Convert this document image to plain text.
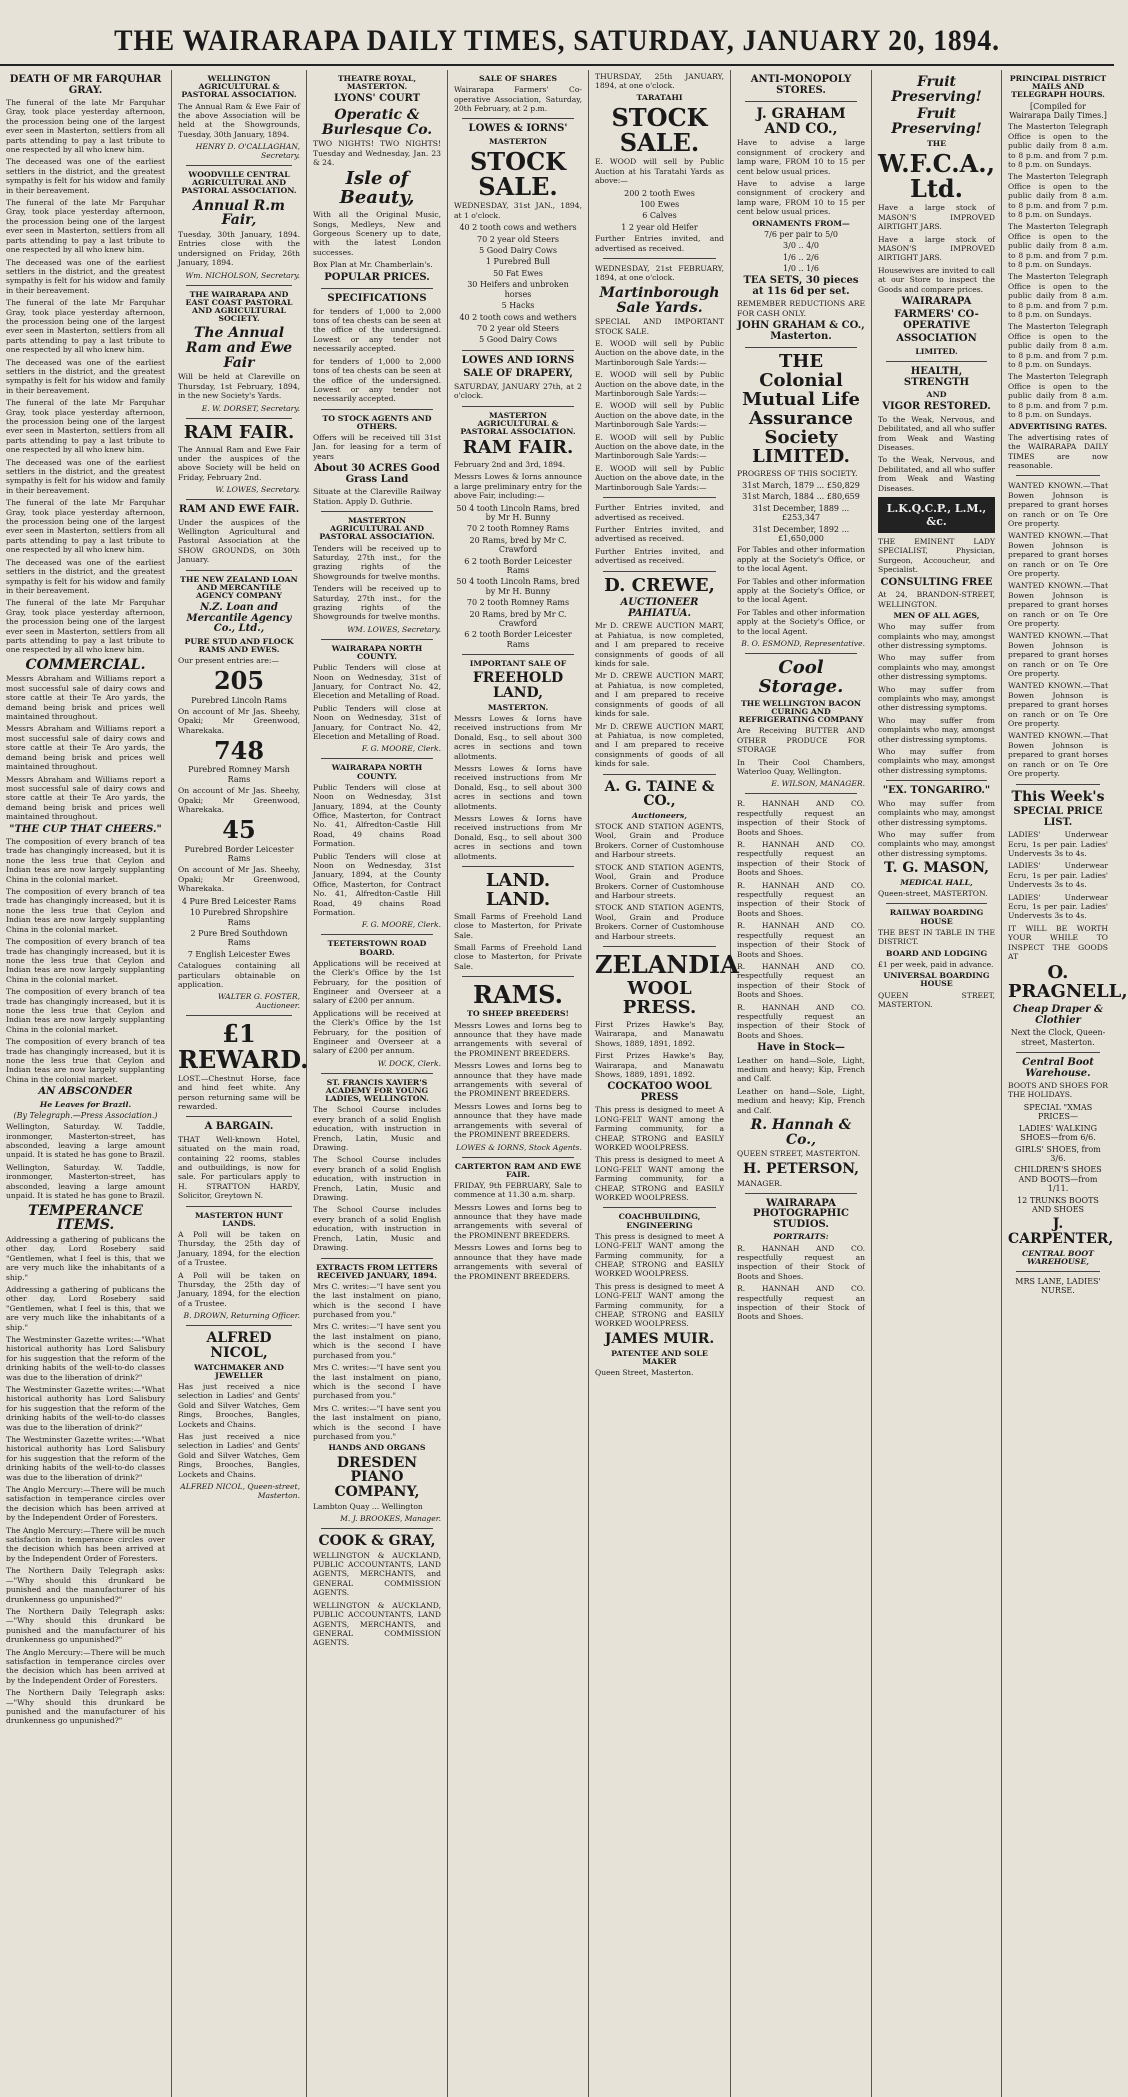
THE WAIRARAPA DAILY TIMES, SATURDAY, JANUARY 20, 1894.
DEATH OF MR FARQUHAR GRAY.

The funeral of the late Mr Farquhar Gray, took place yesterday afternoon, the procession being one of the largest ever seen in Masterton, settlers from all parts attending to pay a last tribute to one respected by all who knew him.

The deceased was one of the earliest settlers in the district, and the greatest sympathy is felt for his widow and family in their bereavement.

The funeral of the late Mr Farquhar Gray, took place yesterday afternoon, the procession being one of the largest ever seen in Masterton, settlers from all parts attending to pay a last tribute to one respected by all who knew him.

The deceased was one of the earliest settlers in the district, and the greatest sympathy is felt for his widow and family in their bereavement.

The funeral of the late Mr Farquhar Gray, took place yesterday afternoon, the procession being one of the largest ever seen in Masterton, settlers from all parts attending to pay a last tribute to one respected by all who knew him.

The deceased was one of the earliest settlers in the district, and the greatest sympathy is felt for his widow and family in their bereavement.

The funeral of the late Mr Farquhar Gray, took place yesterday afternoon, the procession being one of the largest ever seen in Masterton, settlers from all parts attending to pay a last tribute to one respected by all who knew him.

The deceased was one of the earliest settlers in the district, and the greatest sympathy is felt for his widow and family in their bereavement.

The funeral of the late Mr Farquhar Gray, took place yesterday afternoon, the procession being one of the largest ever seen in Masterton, settlers from all parts attending to pay a last tribute to one respected by all who knew him.

The deceased was one of the earliest settlers in the district, and the greatest sympathy is felt for his widow and family in their bereavement.

The funeral of the late Mr Farquhar Gray, took place yesterday afternoon, the procession being one of the largest ever seen in Masterton, settlers from all parts attending to pay a last tribute to one respected by all who knew him.

COMMERCIAL.

Messrs Abraham and Williams report a most successful sale of dairy cows and store cattle at their Te Aro yards, the demand being brisk and prices well maintained throughout.

Messrs Abraham and Williams report a most successful sale of dairy cows and store cattle at their Te Aro yards, the demand being brisk and prices well maintained throughout.

Messrs Abraham and Williams report a most successful sale of dairy cows and store cattle at their Te Aro yards, the demand being brisk and prices well maintained throughout.

"THE CUP THAT CHEERS."

The composition of every branch of tea trade has changingly increased, but it is none the less true that Ceylon and Indian teas are now largely supplanting China in the colonial market.

The composition of every branch of tea trade has changingly increased, but it is none the less true that Ceylon and Indian teas are now largely supplanting China in the colonial market.

The composition of every branch of tea trade has changingly increased, but it is none the less true that Ceylon and Indian teas are now largely supplanting China in the colonial market.

The composition of every branch of tea trade has changingly increased, but it is none the less true that Ceylon and Indian teas are now largely supplanting China in the colonial market.

The composition of every branch of tea trade has changingly increased, but it is none the less true that Ceylon and Indian teas are now largely supplanting China in the colonial market.

AN ABSCONDER
He Leaves for Brazil.
(By Telegraph.—Press Association.)

Wellington, Saturday. W. Taddle, ironmonger, Masterton-street, has absconded, leaving a large amount unpaid. It is stated he has gone to Brazil.

Wellington, Saturday. W. Taddle, ironmonger, Masterton-street, has absconded, leaving a large amount unpaid. It is stated he has gone to Brazil.

TEMPERANCE ITEMS.

Addressing a gathering of publicans the other day, Lord Rosebery said "Gentlemen, what I feel is this, that we are very much like the inhabitants of a ship."

Addressing a gathering of publicans the other day, Lord Rosebery said "Gentlemen, what I feel is this, that we are very much like the inhabitants of a ship."

The Westminster Gazette writes:—"What historical authority has Lord Salisbury for his suggestion that the reform of the drinking habits of the well-to-do classes was due to the liberation of drink?"

The Westminster Gazette writes:—"What historical authority has Lord Salisbury for his suggestion that the reform of the drinking habits of the well-to-do classes was due to the liberation of drink?"

The Westminster Gazette writes:—"What historical authority has Lord Salisbury for his suggestion that the reform of the drinking habits of the well-to-do classes was due to the liberation of drink?"

The Anglo Mercury:—There will be much satisfaction in temperance circles over the decision which has been arrived at by the Independent Order of Foresters.

The Anglo Mercury:—There will be much satisfaction in temperance circles over the decision which has been arrived at by the Independent Order of Foresters.

The Northern Daily Telegraph asks:—"Why should this drunkard be punished and the manufacturer of his drunkenness go unpunished?"

The Northern Daily Telegraph asks:—"Why should this drunkard be punished and the manufacturer of his drunkenness go unpunished?"

The Anglo Mercury:—There will be much satisfaction in temperance circles over the decision which has been arrived at by the Independent Order of Foresters.

The Northern Daily Telegraph asks:—"Why should this drunkard be punished and the manufacturer of his drunkenness go unpunished?"

WELLINGTON AGRICULTURAL & PASTORAL ASSOCIATION.

The Annual Ram & Ewe Fair of the above Association will be held at the Showgrounds, Tuesday, 30th January, 1894.

HENRY D. O'CALLAGHAN, Secretary.
WOODVILLE CENTRAL AGRICULTURAL AND PASTORAL ASSOCIATION.
Annual R.m Fair,

Tuesday, 30th January, 1894. Entries close with the undersigned on Friday, 26th January, 1894.

Wm. NICHOLSON, Secretary.
THE WAIRARAPA AND EAST COAST PASTORAL AND AGRICULTURAL SOCIETY.
The Annual Ram and Ewe Fair

Will be held at Clareville on Thursday, 1st February, 1894, in the new Society's Yards.

E. W. DORSET, Secretary.
RAM FAIR.

The Annual Ram and Ewe Fair under the auspices of the above Society will be held on Friday, February 2nd.

W. LOWES, Secretary.
RAM AND EWE FAIR.

Under the auspices of the Wellington Agricultural and Pastoral Association at the SHOW GROUNDS, on 30th January.

THE NEW ZEALAND LOAN AND MERCANTILE AGENCY COMPANY
N.Z. Loan and Mercantile Agency Co., Ltd.,
PURE STUD AND FLOCK RAMS AND EWES.

Our present entries are:—

205
Purebred Lincoln Rams

On account of Mr Jas. Sheehy, Opaki; Mr Greenwood, Wharekaka.

748
Purebred Romney Marsh Rams

On account of Mr Jas. Sheehy, Opaki; Mr Greenwood, Wharekaka.

45
Purebred Border Leicester Rams

On account of Mr Jas. Sheehy, Opaki; Mr Greenwood, Wharekaka.

4 Pure Bred Leicester Rams
10 Purebred Shropshire Rams
2 Pure Bred Southdown Rams
7 English Leicester Ewes

Catalogues containing all particulars obtainable on application.

WALTER G. FOSTER, Auctioneer.
£1 REWARD.

LOST.—Chestnut Horse, face and hind feet white. Any person returning same will be rewarded.

A BARGAIN.

THAT Well-known Hotel, situated on the main road, containing 22 rooms, stables and outbuildings, is now for sale. For particulars apply to H. STRATTON HARDY, Solicitor, Greytown N.

MASTERTON HUNT LANDS.

A Poll will be taken on Thursday, the 25th day of January, 1894, for the election of a Trustee.

A Poll will be taken on Thursday, the 25th day of January, 1894, for the election of a Trustee.

B. DROWN, Returning Officer.
ALFRED NICOL,
WATCHMAKER AND JEWELLER

Has just received a nice selection in Ladies' and Gents' Gold and Silver Watches, Gem Rings, Brooches, Bangles, Lockets and Chains.

Has just received a nice selection in Ladies' and Gents' Gold and Silver Watches, Gem Rings, Brooches, Bangles, Lockets and Chains.

ALFRED NICOL, Queen-street, Masterton.
THEATRE ROYAL, MASTERTON.
LYONS' COURT
Operatic & Burlesque Co.

TWO NIGHTS! TWO NIGHTS! Tuesday and Wednesday, Jan. 23 & 24.

Isle of Beauty,

With all the Original Music, Songs, Medleys, New and Gorgeous Scenery up to date, with the latest London successes.

Box Plan at Mr. Chamberlain's.

POPULAR PRICES.
SPECIFICATIONS

for tenders of 1,000 to 2,000 tons of tea chests can be seen at the office of the undersigned. Lowest or any tender not necessarily accepted.

for tenders of 1,000 to 2,000 tons of tea chests can be seen at the office of the undersigned. Lowest or any tender not necessarily accepted.

TO STOCK AGENTS AND OTHERS.

Offers will be received till 31st Jan. for leasing for a term of years

About 30 ACRES Good Grass Land

Situate at the Clareville Railway Station. Apply D. Guthrie.

MASTERTON AGRICULTURAL AND PASTORAL ASSOCIATION.

Tenders will be received up to Saturday, 27th inst., for the grazing rights of the Showgrounds for twelve months.

Tenders will be received up to Saturday, 27th inst., for the grazing rights of the Showgrounds for twelve months.

WM. LOWES, Secretary.
WAIRARAPA NORTH COUNTY.

Public Tenders will close at Noon on Wednesday, 31st of January, for Contract No. 42, Elecetion and Metalling of Road.

Public Tenders will close at Noon on Wednesday, 31st of January, for Contract No. 42, Elecetion and Metalling of Road.

F. G. MOORE, Clerk.
WAIRARAPA NORTH COUNTY.

Public Tenders will close at Noon on Wednesday, 31st January, 1894, at the County Office, Masterton, for Contract No. 41, Alfredton-Castle Hill Road, 49 chains Road Formation.

Public Tenders will close at Noon on Wednesday, 31st January, 1894, at the County Office, Masterton, for Contract No. 41, Alfredton-Castle Hill Road, 49 chains Road Formation.

F. G. MOORE, Clerk.
TEETERSTOWN ROAD BOARD.

Applications will be received at the Clerk's Office by the 1st February, for the position of Engineer and Overseer at a salary of £200 per annum.

Applications will be received at the Clerk's Office by the 1st February, for the position of Engineer and Overseer at a salary of £200 per annum.

W. DOCK, Clerk.
ST. FRANCIS XAVIER'S ACADEMY FOR YOUNG LADIES, WELLINGTON.

The School Course includes every branch of a solid English education, with instruction in French, Latin, Music and Drawing.

The School Course includes every branch of a solid English education, with instruction in French, Latin, Music and Drawing.

The School Course includes every branch of a solid English education, with instruction in French, Latin, Music and Drawing.

EXTRACTS FROM LETTERS RECEIVED JANUARY, 1894.

Mrs C. writes:—"I have sent you the last instalment on piano, which is the second I have purchased from you."

Mrs C. writes:—"I have sent you the last instalment on piano, which is the second I have purchased from you."

Mrs C. writes:—"I have sent you the last instalment on piano, which is the second I have purchased from you."

Mrs C. writes:—"I have sent you the last instalment on piano, which is the second I have purchased from you."

HANDS AND ORGANS
DRESDEN PIANO COMPANY,

Lambton Quay ... Wellington

M. J. BROOKES, Manager.
COOK & GRAY,

WELLINGTON & AUCKLAND, PUBLIC ACCOUNTANTS, LAND AGENTS, MERCHANTS, and GENERAL COMMISSION AGENTS.

WELLINGTON & AUCKLAND, PUBLIC ACCOUNTANTS, LAND AGENTS, MERCHANTS, and GENERAL COMMISSION AGENTS.

SALE OF SHARES

Wairarapa Farmers' Co-operative Association, Saturday, 20th February, at 2 p.m.

LOWES & IORNS'
MASTERTON
STOCK SALE.

WEDNESDAY, 31st JAN., 1894, at 1 o'clock.

40 2 tooth cows and wethers
70 2 year old Steers
5 Good Dairy Cows
1 Purebred Bull
50 Fat Ewes
30 Heifers and unbroken horses
5 Hacks
40 2 tooth cows and wethers
70 2 year old Steers
5 Good Dairy Cows
LOWES AND IORNS
SALE OF DRAPERY,

SATURDAY, JANUARY 27th, at 2 o'clock.

MASTERTON AGRICULTURAL & PASTORAL ASSOCIATION.
RAM FAIR.

February 2nd and 3rd, 1894.

Messrs Lowes & Iorns announce a large preliminary entry for the above Fair, including:—

50 4 tooth Lincoln Rams, bred by Mr H. Bunny
70 2 tooth Romney Rams
20 Rams, bred by Mr C. Crawford
6 2 tooth Border Leicester Rams
50 4 tooth Lincoln Rams, bred by Mr H. Bunny
70 2 tooth Romney Rams
20 Rams, bred by Mr C. Crawford
6 2 tooth Border Leicester Rams
IMPORTANT SALE OF
FREEHOLD LAND,
MASTERTON.

Messrs Lowes & Iorns have received instructions from Mr Donald, Esq., to sell about 300 acres in sections and town allotments.

Messrs Lowes & Iorns have received instructions from Mr Donald, Esq., to sell about 300 acres in sections and town allotments.

Messrs Lowes & Iorns have received instructions from Mr Donald, Esq., to sell about 300 acres in sections and town allotments.

LAND. LAND.

Small Farms of Freehold Land close to Masterton, for Private Sale.

Small Farms of Freehold Land close to Masterton, for Private Sale.

RAMS.
TO SHEEP BREEDERS!

Messrs Lowes and Iorns beg to announce that they have made arrangements with several of the PROMINENT BREEDERS.

Messrs Lowes and Iorns beg to announce that they have made arrangements with several of the PROMINENT BREEDERS.

Messrs Lowes and Iorns beg to announce that they have made arrangements with several of the PROMINENT BREEDERS.

LOWES & IORNS, Stock Agents.
CARTERTON RAM AND EWE FAIR.

FRIDAY, 9th FEBRUARY, Sale to commence at 11.30 a.m. sharp.

Messrs Lowes and Iorns beg to announce that they have made arrangements with several of the PROMINENT BREEDERS.

Messrs Lowes and Iorns beg to announce that they have made arrangements with several of the PROMINENT BREEDERS.

THURSDAY, 25th JANUARY, 1894, at one o'clock.

TARATAHI
STOCK SALE.

E. WOOD will sell by Public Auction at his Taratahi Yards as above:—

200 2 tooth Ewes
100 Ewes
6 Calves
1 2 year old Heifer

Further Entries invited, and advertised as received.

WEDNESDAY, 21st FEBRUARY, 1894, at one o'clock.

Martinborough Sale Yards.

SPECIAL AND IMPORTANT STOCK SALE.

E. WOOD will sell by Public Auction on the above date, in the Martinborough Sale Yards:—

E. WOOD will sell by Public Auction on the above date, in the Martinborough Sale Yards:—

E. WOOD will sell by Public Auction on the above date, in the Martinborough Sale Yards:—

E. WOOD will sell by Public Auction on the above date, in the Martinborough Sale Yards:—

E. WOOD will sell by Public Auction on the above date, in the Martinborough Sale Yards:—

Further Entries invited, and advertised as received.

Further Entries invited, and advertised as received.

Further Entries invited, and advertised as received.

D. CREWE,
AUCTIONEER PAHIATUA.

Mr D. CREWE AUCTION MART, at Pahiatua, is now completed, and I am prepared to receive consignments of goods of all kinds for sale.

Mr D. CREWE AUCTION MART, at Pahiatua, is now completed, and I am prepared to receive consignments of goods of all kinds for sale.

Mr D. CREWE AUCTION MART, at Pahiatua, is now completed, and I am prepared to receive consignments of goods of all kinds for sale.

A. G. TAINE & CO.,
Auctioneers,

STOCK AND STATION AGENTS, Wool, Grain and Produce Brokers. Corner of Customhouse and Harbour streets.

STOCK AND STATION AGENTS, Wool, Grain and Produce Brokers. Corner of Customhouse and Harbour streets.

STOCK AND STATION AGENTS, Wool, Grain and Produce Brokers. Corner of Customhouse and Harbour streets.

ZELANDIA
WOOL PRESS.

First Prizes Hawke's Bay, Wairarapa, and Manawatu Shows, 1889, 1891, 1892.

First Prizes Hawke's Bay, Wairarapa, and Manawatu Shows, 1889, 1891, 1892.

COCKATOO WOOL PRESS

This press is designed to meet A LONG-FELT WANT among the Farming community, for a CHEAP, STRONG and EASILY WORKED WOOLPRESS.

This press is designed to meet A LONG-FELT WANT among the Farming community, for a CHEAP, STRONG and EASILY WORKED WOOLPRESS.

COACHBUILDING, ENGINEERING

This press is designed to meet A LONG-FELT WANT among the Farming community, for a CHEAP, STRONG and EASILY WORKED WOOLPRESS.

This press is designed to meet A LONG-FELT WANT among the Farming community, for a CHEAP, STRONG and EASILY WORKED WOOLPRESS.

JAMES MUIR.
PATENTEE AND SOLE MAKER

Queen Street, Masterton.

ANTI-MONOPOLY STORES.
J. GRAHAM AND CO.,

Have to advise a large consignment of crockery and lamp ware, FROM 10 to 15 per cent below usual prices.

Have to advise a large consignment of crockery and lamp ware, FROM 10 to 15 per cent below usual prices.

ORNAMENTS FROM—
7/6 per pair to 5/0
3/0 .. 4/0
1/6 .. 2/6
1/0 .. 1/6
TEA SETS, 30 pieces at 11s 6d per set.

REMEMBER REDUCTIONS ARE FOR CASH ONLY.

JOHN GRAHAM & CO., Masterton.
THE Colonial Mutual Life Assurance Society LIMITED.

PROGRESS OF THIS SOCIETY.

31st March, 1879 ... £50,829
31st March, 1884 ... £80,659
31st December, 1889 ... £253,347
31st December, 1892 ... £1,650,000

For Tables and other information apply at the Society's Office, or to the local Agent.

For Tables and other information apply at the Society's Office, or to the local Agent.

For Tables and other information apply at the Society's Office, or to the local Agent.

B. O. ESMOND, Representative.
Cool Storage.
THE WELLINGTON BACON CURING AND REFRIGERATING COMPANY

Are Receiving BUTTER AND OTHER PRODUCE FOR STORAGE

In Their Cool Chambers, Waterloo Quay, Wellington.

E. WILSON, MANAGER.

R. HANNAH AND CO. respectfully request an inspection of their Stock of Boots and Shoes.

R. HANNAH AND CO. respectfully request an inspection of their Stock of Boots and Shoes.

R. HANNAH AND CO. respectfully request an inspection of their Stock of Boots and Shoes.

R. HANNAH AND CO. respectfully request an inspection of their Stock of Boots and Shoes.

R. HANNAH AND CO. respectfully request an inspection of their Stock of Boots and Shoes.

R. HANNAH AND CO. respectfully request an inspection of their Stock of Boots and Shoes.

Have in Stock—

Leather on hand—Sole, Light, medium and heavy; Kip, French and Calf.

Leather on hand—Sole, Light, medium and heavy; Kip, French and Calf.

R. Hannah & Co.,

QUEEN STREET, MASTERTON.

H. PETERSON,

MANAGER.

WAIRARAPA PHOTOGRAPHIC STUDIOS.
PORTRAITS:

R. HANNAH AND CO. respectfully request an inspection of their Stock of Boots and Shoes.

R. HANNAH AND CO. respectfully request an inspection of their Stock of Boots and Shoes.

Fruit Preserving!
Fruit Preserving!
THE
W.F.C.A., Ltd.

Have a large stock of MASON'S IMPROVED AIRTIGHT JARS.

Have a large stock of MASON'S IMPROVED AIRTIGHT JARS.

Housewives are invited to call at our Store to inspect the Goods and compare prices.

WAIRARAPA
FARMERS' CO-OPERATIVE
ASSOCIATION
LIMITED.
HEALTH, STRENGTH
AND
VIGOR RESTORED.

To the Weak, Nervous, and Debilitated, and all who suffer from Weak and Wasting Diseases.

To the Weak, Nervous, and Debilitated, and all who suffer from Weak and Wasting Diseases.

L.K.Q.C.P., L.M., &c.

THE EMINENT LADY SPECIALIST, Physician, Surgeon, Accoucheur, and Specialist.

CONSULTING FREE

At 24, BRANDON-STREET, WELLINGTON.

MEN OF ALL AGES,

Who may suffer from complaints who may, amongst other distressing symptoms.

Who may suffer from complaints who may, amongst other distressing symptoms.

Who may suffer from complaints who may, amongst other distressing symptoms.

Who may suffer from complaints who may, amongst other distressing symptoms.

Who may suffer from complaints who may, amongst other distressing symptoms.

"EX. TONGARIRO."

Who may suffer from complaints who may, amongst other distressing symptoms.

Who may suffer from complaints who may, amongst other distressing symptoms.

T. G. MASON,
MEDICAL HALL,

Queen-street, MASTERTON.

RAILWAY BOARDING HOUSE

THE BEST IN TABLE IN THE DISTRICT.

BOARD AND LODGING

£1 per week, paid in advance.

UNIVERSAL BOARDING HOUSE

QUEEN STREET, MASTERTON.

PRINCIPAL DISTRICT MAILS AND TELEGRAPH HOURS.
[Compiled for Wairarapa Daily Times.]

The Masterton Telegraph Office is open to the public daily from 8 a.m. to 8 p.m. and from 7 p.m. to 8 p.m. on Sundays.

The Masterton Telegraph Office is open to the public daily from 8 a.m. to 8 p.m. and from 7 p.m. to 8 p.m. on Sundays.

The Masterton Telegraph Office is open to the public daily from 8 a.m. to 8 p.m. and from 7 p.m. to 8 p.m. on Sundays.

The Masterton Telegraph Office is open to the public daily from 8 a.m. to 8 p.m. and from 7 p.m. to 8 p.m. on Sundays.

The Masterton Telegraph Office is open to the public daily from 8 a.m. to 8 p.m. and from 7 p.m. to 8 p.m. on Sundays.

The Masterton Telegraph Office is open to the public daily from 8 a.m. to 8 p.m. and from 7 p.m. to 8 p.m. on Sundays.

ADVERTISING RATES.

The advertising rates of the WAIRARAPA DAILY TIMES are now reasonable.

WANTED KNOWN.—That Bowen Johnson is prepared to grant horses on ranch or on Te Ore Ore property.

WANTED KNOWN.—That Bowen Johnson is prepared to grant horses on ranch or on Te Ore Ore property.

WANTED KNOWN.—That Bowen Johnson is prepared to grant horses on ranch or on Te Ore Ore property.

WANTED KNOWN.—That Bowen Johnson is prepared to grant horses on ranch or on Te Ore Ore property.

WANTED KNOWN.—That Bowen Johnson is prepared to grant horses on ranch or on Te Ore Ore property.

WANTED KNOWN.—That Bowen Johnson is prepared to grant horses on ranch or on Te Ore Ore property.

This Week's
SPECIAL PRICE LIST.

LADIES' Underwear Ecru, 1s per pair. Ladies' Undervests 3s to 4s.

LADIES' Underwear Ecru, 1s per pair. Ladies' Undervests 3s to 4s.

LADIES' Underwear Ecru, 1s per pair. Ladies' Undervests 3s to 4s.

IT WILL BE WORTH YOUR WHILE TO INSPECT THE GOODS AT

O. PRAGNELL,
Cheap Draper & Clothier
Next the Clock, Queen-street, Masterton.
Central Boot Warehouse.

BOOTS AND SHOES FOR THE HOLIDAYS.

SPECIAL "XMAS PRICES—
LADIES' WALKING SHOES—from 6/6.
GIRLS' SHOES, from 3/6.
CHILDREN'S SHOES AND BOOTS—from 1/11.
12 TRUNKS BOOTS AND SHOES
J. CARPENTER,
CENTRAL BOOT WAREHOUSE,
MRS LANE, LADIES' NURSE.
